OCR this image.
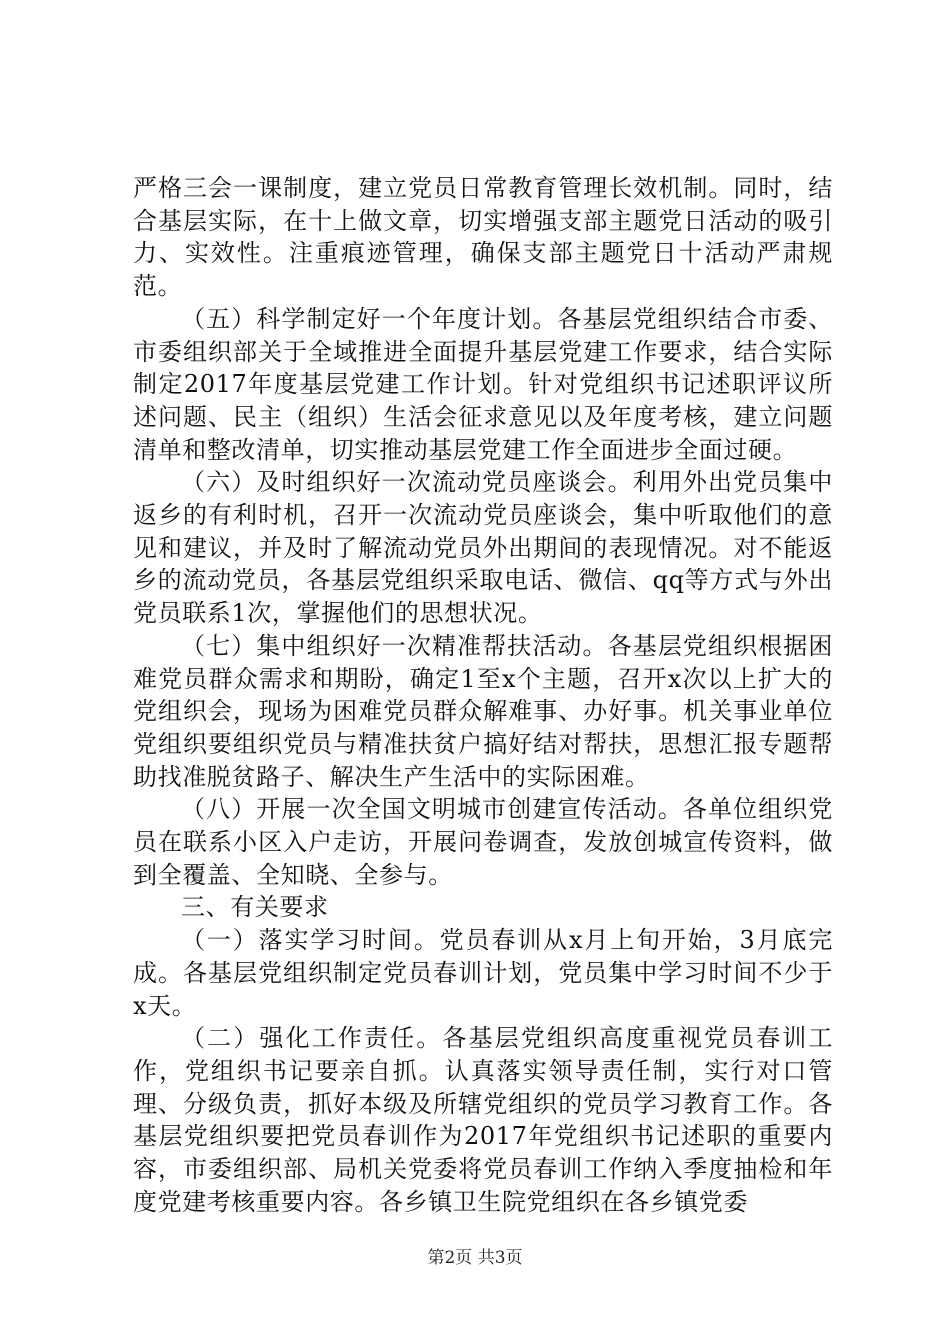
严格三会一课制度，建立党员日常教育管理长效机制。同时，结合基层实际，在十上做文章，切实增强支部主题党日活动的吸引力、实效性。注重痕迹管理，确保支部主题党日十活动严肃规范。

（五）科学制定好一个年度计划。各基层党组织结合市委、市委组织部关于全域推进全面提升基层党建工作要求，结合实际制定2017年度基层党建工作计划。针对党组织书记述职评议所述问题、民主（组织）生活会征求意见以及年度考核，建立问题清单和整改清单，切实推动基层党建工作全面进步全面过硬。

（六）及时组织好一次流动党员座谈会。利用外出党员集中返乡的有利时机，召开一次流动党员座谈会，集中听取他们的意见和建议，并及时了解流动党员外出期间的表现情况。对不能返乡的流动党员，各基层党组织采取电话、微信、qq等方式与外出党员联系1次，掌握他们的思想状况。

（七）集中组织好一次精准帮扶活动。各基层党组织根据困难党员群众需求和期盼，确定1至x个主题，召开x次以上扩大的党组织会，现场为困难党员群众解难事、办好事。机关事业单位党组织要组织党员与精准扶贫户搞好结对帮扶，思想汇报专题帮助找准脱贫路子、解决生产生活中的实际困难。

（八）开展一次全国文明城市创建宣传活动。各单位组织党员在联系小区入户走访，开展问卷调查，发放创城宣传资料，做到全覆盖、全知晓、全参与。

三、有关要求

（一）落实学习时间。党员春训从x月上旬开始，3月底完成。各基层党组织制定党员春训计划，党员集中学习时间不少于x天。

（二）强化工作责任。各基层党组织高度重视党员春训工作，党组织书记要亲自抓。认真落实领导责任制，实行对口管理、分级负责，抓好本级及所辖党组织的党员学习教育工作。各基层党组织要把党员春训作为2017年党组织书记述职的重要内容，市委组织部、局机关党委将党员春训工作纳入季度抽检和年度党建考核重要内容。各乡镇卫生院党组织在各乡镇党委

第2页 共3页
